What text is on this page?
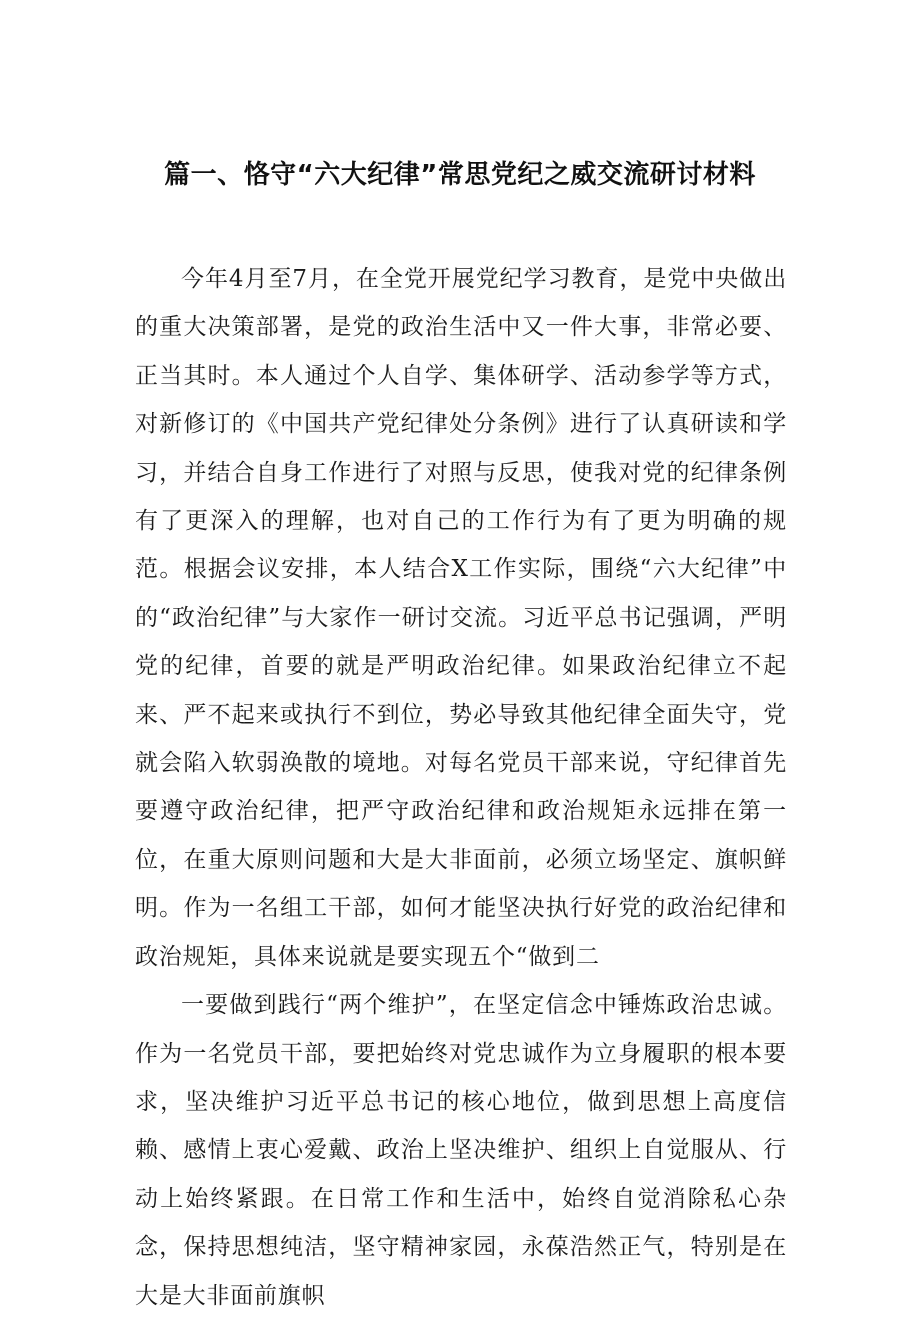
篇一、恪守“六大纪律”常思党纪之威交流研讨材料

今年4月至7月，在全党开展党纪学习教育，是党中央做出的重大决策部署，是党的政治生活中又一件大事，非常必要、正当其时。本人通过个人自学、集体研学、活动参学等方式，对新修订的《中国共产党纪律处分条例》进行了认真研读和学习，并结合自身工作进行了对照与反思，使我对党的纪律条例有了更深入的理解，也对自己的工作行为有了更为明确的规范。根据会议安排，本人结合X工作实际，围绕“六大纪律”中的“政治纪律”与大家作一研讨交流。习近平总书记强调，严明党的纪律，首要的就是严明政治纪律。如果政治纪律立不起来、严不起来或执行不到位，势必导致其他纪律全面失守，党就会陷入软弱涣散的境地。对每名党员干部来说，守纪律首先要遵守政治纪律，把严守政治纪律和政治规矩永远排在第一位，在重大原则问题和大是大非面前，必须立场坚定、旗帜鲜明。作为一名组工干部，如何才能坚决执行好党的政治纪律和政治规矩，具体来说就是要实现五个“做到二

一要做到践行“两个维护”，在坚定信念中锤炼政治忠诚。作为一名党员干部，要把始终对党忠诚作为立身履职的根本要求，坚决维护习近平总书记的核心地位，做到思想上高度信赖、感情上衷心爱戴、政治上坚决维护、组织上自觉服从、行动上始终紧跟。在日常工作和生活中，始终自觉消除私心杂念，保持思想纯洁，坚守精神家园，永葆浩然正气，特别是在大是大非面前旗帜
